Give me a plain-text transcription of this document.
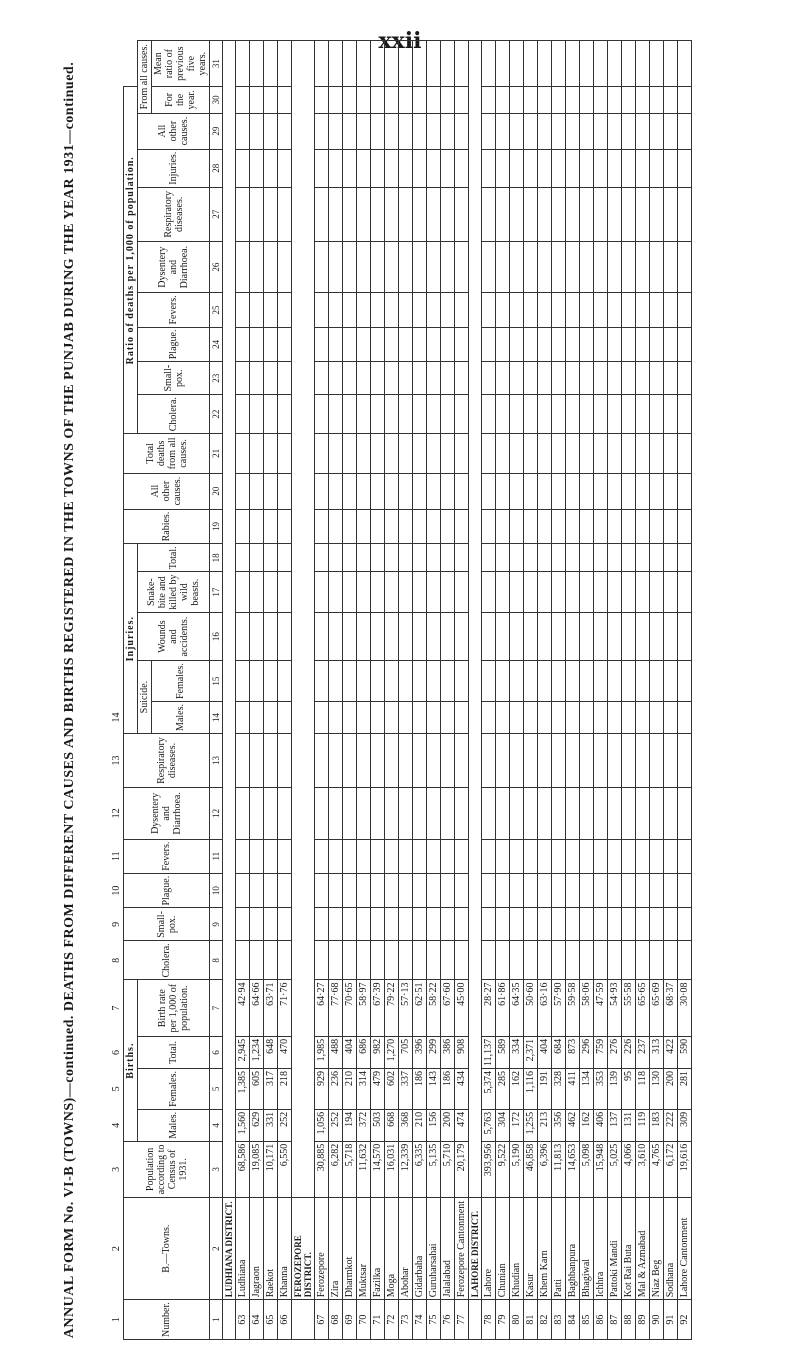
xxii
ANNUAL FORM No. VI-B (TOWNS)—continued. DEATHS FROM DIFFERENT CAUSES AND BIRTHS REGISTERED IN THE TOWNS OF THE PUNJAB DURING THE YEAR 1931—continued.	1	2	3	4	5	6	7	8	9	10	11	12	13	14																	
Number.	B.—Towns.	Population according to Census of 1931.	Births.				Cholera.	Small-pox.	Plague.	Fevers.	Dysentery and Diarrhoea.	Respiratory diseases.	Injuries.					Rabies.	All other causes.	Total deaths from all causes.	Ratio of deaths per 1,000 of population.									
			Males.	Females.	Total.	Birth rate per 1,000 of population.							Suicide.		Wounds and accidents.	Snake-bite and killed by wild beasts.	Total.				Cholera.	Small-pox.	Plague.	Fevers.	Dysentery and Diarrhoea.	Respiratory diseases.	Injuries.	All other causes.	From all causes.
													Males.	Females.															For the year.	Mean ratio of previous five years.
1	2	3	4	5	6	7	8	9	10	11	12	13	14	15	16	17	18	19	20	21	22	23	24	25	26	27	28	29	30	31
	LUDHIANA DISTRICT.																													
63	Ludhiana	68,586	1,560	1,385	2,945	42·94																								
64	Jagraon	19,085	629	605	1,234	64·66																								
65	Raekot	10,171	331	317	648	63·71																								
66	Khanna	6,550	252	218	470	71·76																								
	FEROZEPORE DISTRICT.																													
67	Ferozepore	30,885	1,056	929	1,985	64·27																								
68	Zira	6,282	252	236	488	77·68																								
69	Dharmkot	5,718	194	210	404	70·65																								
70	Muktsar	11,632	372	314	686	58·97																								
71	Fazilka	14,570	503	479	982	67·39																								
72	Moga	16,031	668	602	1,270	79·22																								
73	Abohar	12,339	368	337	705	57·13																								
74	Gidarbaha	6,335	210	186	396	62·51																								
75	Guruharsahai	5,135	156	143	299	58·22																								
76	Jalalabad	5,710	200	186	386	67·60																								
77	Ferozepore Cantonment	20,179	474	434	908	45·00																								
	LAHORE DISTRICT.																													
78	Lahore	393,956	5,763	5,374	11,137	28·27																								
79	Chunian	9,522	304	285	589	61·86																								
80	Khudian	5,190	172	162	334	64·35																								
81	Kasur	46,858	1,255	1,116	2,371	50·60																								
82	Khem Karn	6,396	213	191	404	63·16																								
83	Patti	11,813	356	328	684	57·90																								
84	Baghbanpura	14,653	462	411	873	59·58																								
85	Bhagiwal	5,098	162	134	296	58·06																								
86	Ichhra	15,948	406	353	759	47·59																								
87	Pattoki Mandi	5,025	137	139	276	54·93																								
88	Kot Rai Buta	4,066	131	95	226	55·58																								
89	Mal & Azmabad	3,610	119	118	237	65·65																								
90	Niaz Beg	4,765	183	130	313	65·69																								
91	Sodhana	6,172	222	200	422	68·37																								
92	Lahore Cantonment	19,616	309	281	590	30·08																								
